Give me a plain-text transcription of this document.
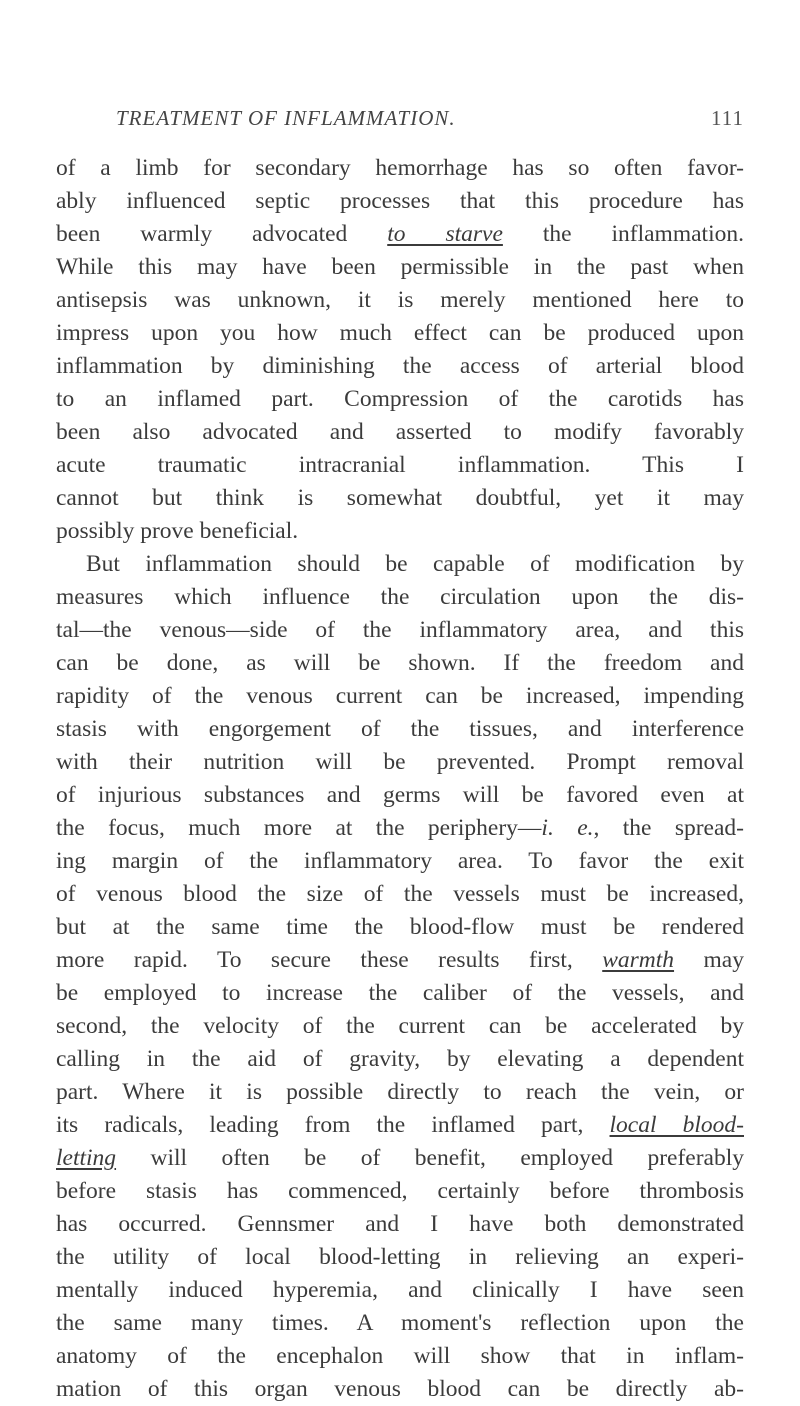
TREATMENT OF INFLAMMATION.	111
of a limb for secondary hemorrhage has so often favor-
ably influenced septic processes that this procedure has
been warmly advocated to starve the inflammation.
While this may have been permissible in the past when
antisepsis was unknown, it is merely mentioned here to
impress upon you how much effect can be produced upon
inflammation by diminishing the access of arterial blood
to an inflamed part. Compression of the carotids has
been also advocated and asserted to modify favorably
acute traumatic intracranial inflammation. This I
cannot but think is somewhat doubtful, yet it may
possibly prove beneficial.
But inflammation should be capable of modification by
measures which influence the circulation upon the dis-
tal—the venous—side of the inflammatory area, and this
can be done, as will be shown. If the freedom and
rapidity of the venous current can be increased, impending
stasis with engorgement of the tissues, and interference
with their nutrition will be prevented. Prompt removal
of injurious substances and germs will be favored even at
the focus, much more at the periphery—i. e., the spread-
ing margin of the inflammatory area. To favor the exit
of venous blood the size of the vessels must be increased,
but at the same time the blood-flow must be rendered
more rapid. To secure these results first, warmth may
be employed to increase the caliber of the vessels, and
second, the velocity of the current can be accelerated by
calling in the aid of gravity, by elevating a dependent
part. Where it is possible directly to reach the vein, or
its radicals, leading from the inflamed part, local blood-
letting will often be of benefit, employed preferably
before stasis has commenced, certainly before thrombosis
has occurred. Gennsmer and I have both demonstrated
the utility of local blood-letting in relieving an experi-
mentally induced hyperemia, and clinically I have seen
the same many times. A moment's reflection upon the
anatomy of the encephalon will show that in inflam-
mation of this organ venous blood can be directly ab-
